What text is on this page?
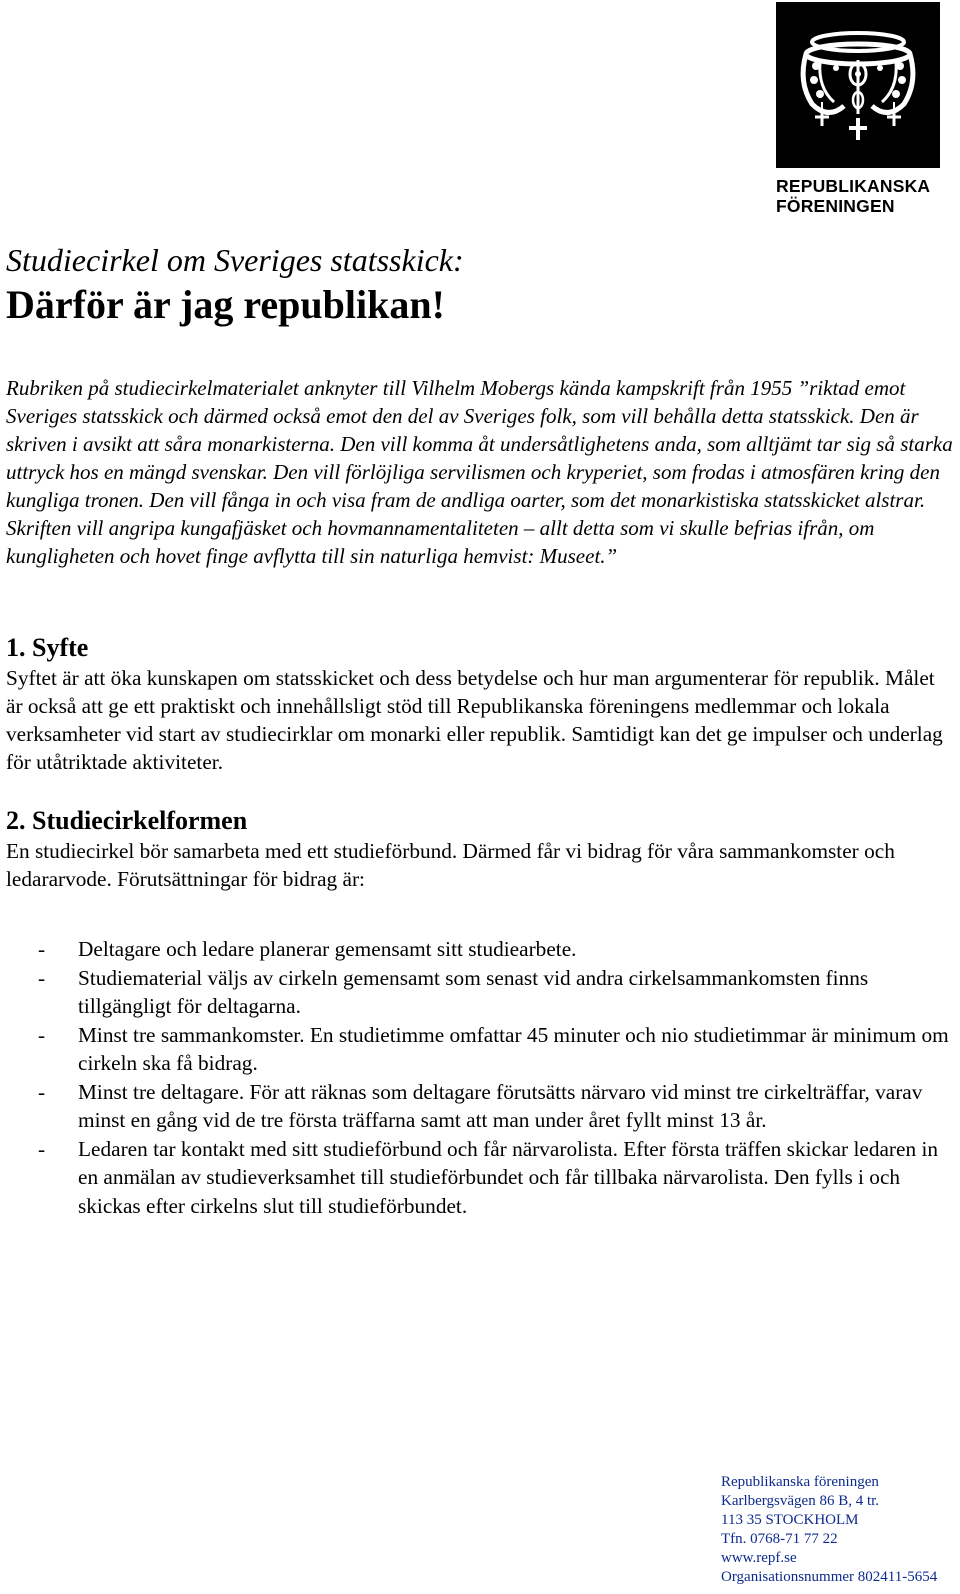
REPUBLIKANSKA
FÖRENINGEN
Studiecirkel om Sveriges statsskick:
Därför är jag republikan!

Rubriken på studiecirkelmaterialet anknyter till Vilhelm Mobergs kända kampskrift från 1955 ”riktad emot Sveriges statsskick och därmed också emot den del av Sveriges folk, som vill behålla detta statsskick. Den är skriven i avsikt att såra monarkisterna. Den vill komma åt undersåtlighetens anda, som alltjämt tar sig så starka uttryck hos en mängd svenskar. Den vill förlöjliga servilismen och kryperiet, som frodas i atmosfären kring den kungliga tronen. Den vill fånga in och visa fram de andliga oarter, som det monarkistiska statsskicket alstrar. Skriften vill angripa kungafjäsket och hovmannamentaliteten – allt detta som vi skulle befrias ifrån, om kungligheten och hovet finge avflytta till sin naturliga hemvist: Museet.”

1. Syfte

Syftet är att öka kunskapen om statsskicket och dess betydelse och hur man argumenterar för republik. Målet är också att ge ett praktiskt och innehållsligt stöd till Republikanska föreningens medlemmar och lokala verksamheter vid start av studiecirklar om monarki eller republik. Samtidigt kan det ge impulser och underlag för utåtriktade aktiviteter.

2. Studiecirkelformen

En studiecirkel bör samarbeta med ett studieförbund. Därmed får vi bidrag för våra sammankomster och ledararvode. Förutsättningar för bidrag är:

- Deltagare och ledare planerar gemensamt sitt studiearbete.
- Studiematerial väljs av cirkeln gemensamt som senast vid andra cirkelsammankomsten finns tillgängligt för deltagarna.
- Minst tre sammankomster. En studietimme omfattar 45 minuter och nio studietimmar är minimum om cirkeln ska få bidrag.
- Minst tre deltagare. För att räknas som deltagare förutsätts närvaro vid minst tre cirkelträffar, varav minst en gång vid de tre första träffarna samt att man under året fyllt minst 13 år.
- Ledaren tar kontakt med sitt studieförbund och får närvarolista. Efter första träffen skickar ledaren in en anmälan av studieverksamhet till studieförbundet och får tillbaka närvarolista. Den fylls i och skickas efter cirkelns slut till studieförbundet.
Republikanska föreningen
Karlbergsvägen 86 B, 4 tr.
113 35 STOCKHOLM
Tfn. 0768-71 77 22
www.repf.se
Organisationsnummer 802411-5654
